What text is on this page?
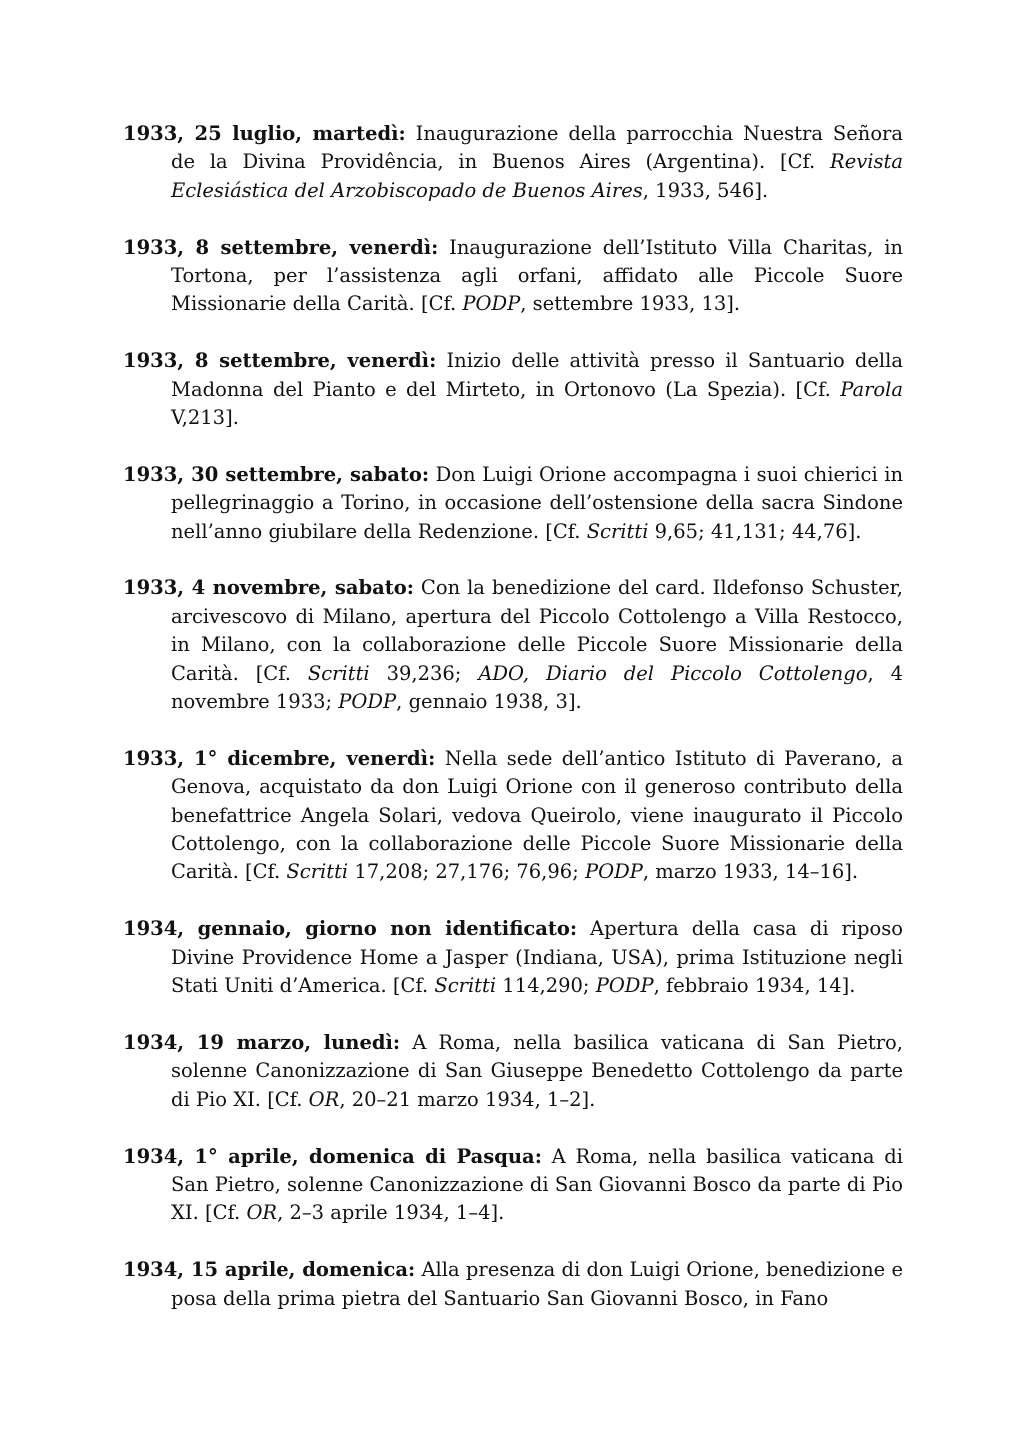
1933, 25 luglio, martedì: Inaugurazione della parrocchia Nuestra Señora de la Divina Providência, in Buenos Aires (Argentina). [Cf. Revista Eclesiástica del Arzobiscopado de Buenos Aires, 1933, 546].

1933, 8 settembre, venerdì: Inaugurazione dell’Istituto Villa Charitas, in Tortona, per l’assistenza agli orfani, affidato alle Piccole Suore Missionarie della Carità. [Cf. PODP, settembre 1933, 13].

1933, 8 settembre, venerdì: Inizio delle attività presso il Santuario della Madonna del Pianto e del Mirteto, in Ortonovo (La Spezia). [Cf. Parola V,213].

1933, 30 settembre, sabato: Don Luigi Orione accompagna i suoi chierici in pellegrinaggio a Torino, in occasione dell’ostensione della sacra Sindone nell’anno giubilare della Redenzione. [Cf. Scritti 9,65; 41,131; 44,76].

1933, 4 novembre, sabato: Con la benedizione del card. Ildefonso Schuster, arcivescovo di Milano, apertura del Piccolo Cottolengo a Villa Restocco, in Milano, con la collaborazione delle Piccole Suore Missionarie della Carità. [Cf. Scritti 39,236; ADO, Diario del Piccolo Cottolengo, 4 novembre 1933; PODP, gennaio 1938, 3].

1933, 1° dicembre, venerdì: Nella sede dell’antico Istituto di Paverano, a Genova, acquistato da don Luigi Orione con il generoso contributo della benefattrice Angela Solari, vedova Queirolo, viene inaugurato il Piccolo Cottolengo, con la collaborazione delle Piccole Suore Missionarie della Carità. [Cf. Scritti 17,208; 27,176; 76,96; PODP, marzo 1933, 14–16].

1934, gennaio, giorno non identificato: Apertura della casa di riposo Divine Providence Home a Jasper (Indiana, USA), prima Istituzione negli Stati Uniti d’America. [Cf. Scritti 114,290; PODP, febbraio 1934, 14].

1934, 19 marzo, lunedì: A Roma, nella basilica vaticana di San Pietro, solenne Canonizzazione di San Giuseppe Benedetto Cottolengo da parte di Pio XI. [Cf. OR, 20–21 marzo 1934, 1–2].

1934, 1° aprile, domenica di Pasqua: A Roma, nella basilica vaticana di San Pietro, solenne Canonizzazione di San Giovanni Bosco da parte di Pio XI. [Cf. OR, 2–3 aprile 1934, 1–4].

1934, 15 aprile, domenica: Alla presenza di don Luigi Orione, benedizione e posa della prima pietra del Santuario San Giovanni Bosco, in Fano
